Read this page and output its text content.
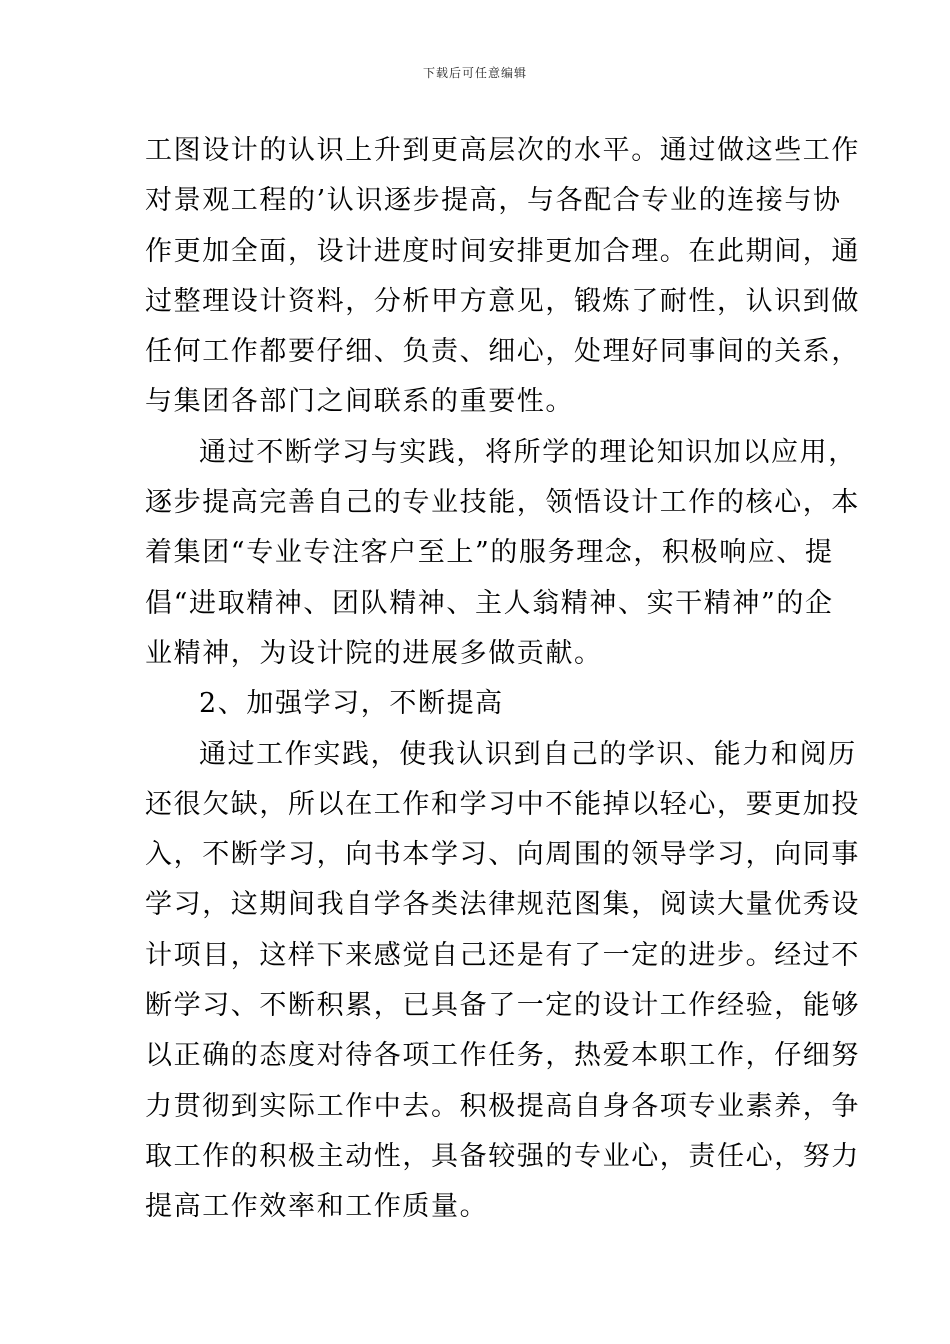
下载后可任意编辑
工图设计的认识上升到更高层次的水平。通过做这些工作
对景观工程的’认识逐步提高，与各配合专业的连接与协
作更加全面，设计进度时间安排更加合理。在此期间，通
过整理设计资料，分析甲方意见，锻炼了耐性，认识到做
任何工作都要仔细、负责、细心，处理好同事间的关系，
与集团各部门之间联系的重要性。
通过不断学习与实践，将所学的理论知识加以应用，
逐步提高完善自己的专业技能，领悟设计工作的核心，本
着集团“专业专注客户至上”的服务理念，积极响应、提
倡“进取精神、团队精神、主人翁精神、实干精神”的企
业精神，为设计院的进展多做贡献。
2、加强学习，不断提高
通过工作实践，使我认识到自己的学识、能力和阅历
还很欠缺，所以在工作和学习中不能掉以轻心，要更加投
入，不断学习，向书本学习、向周围的领导学习，向同事
学习，这期间我自学各类法律规范图集，阅读大量优秀设
计项目，这样下来感觉自己还是有了一定的进步。经过不
断学习、不断积累，已具备了一定的设计工作经验，能够
以正确的态度对待各项工作任务，热爱本职工作，仔细努
力贯彻到实际工作中去。积极提高自身各项专业素养，争
取工作的积极主动性，具备较强的专业心，责任心，努力
提高工作效率和工作质量。
